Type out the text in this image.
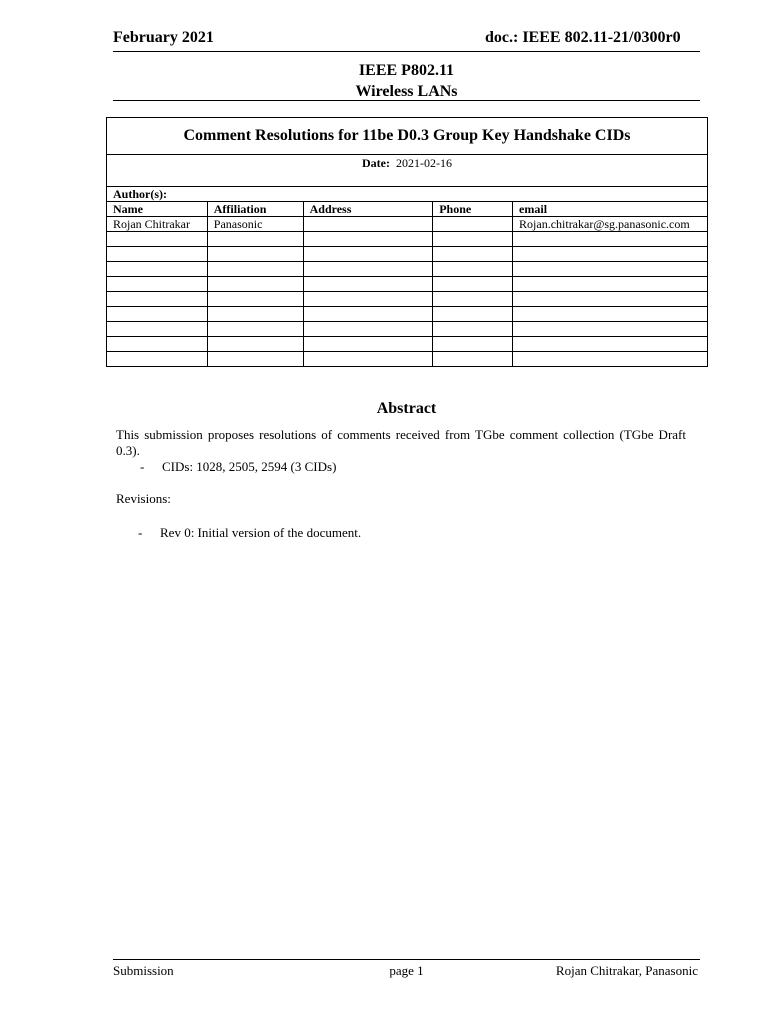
February 2021	doc.: IEEE 802.11-21/0300r0
IEEE P802.11
Wireless LANs
Comment Resolutions for 11be D0.3 Group Key Handshake CIDs				
Date: 2021-02-16				
Author(s):				
Name	Affiliation	Address	Phone	email
Rojan Chitrakar	Panasonic			Rojan.chitrakar@sg.panasonic.com

Abstract
This submission proposes resolutions of comments received from TGbe comment collection (TGbe Draft 0.3).
- CIDs: 1028, 2505, 2594 (3 CIDs)
Revisions:
- Rev 0: Initial version of the document.
Submission	page 1	Rojan Chitrakar, Panasonic
